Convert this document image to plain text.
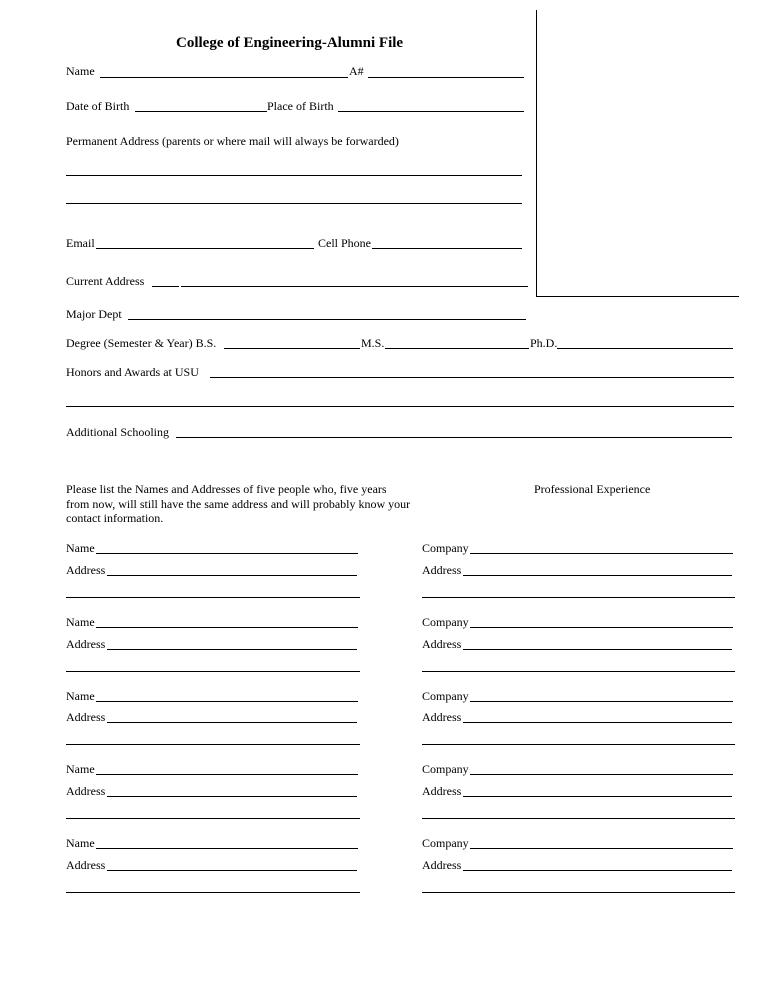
College of Engineering-Alumni File
Name	A#
Date of Birth	Place of Birth
Permanent Address (parents or where mail will always be forwarded)
Email	Cell Phone
Current Address
Major Dept
Degree (Semester & Year) B.S.	M.S.	Ph.D.
Honors and Awards at USU
Additional Schooling
Please list the Names and Addresses of five people who, five years from now, will still have the same address and will probably know your contact information.
Professional Experience
Name
Address
Name
Address
Name
Address
Name
Address
Name
Address
Company
Address
Company
Address
Company
Address
Company
Address
Company
Address
